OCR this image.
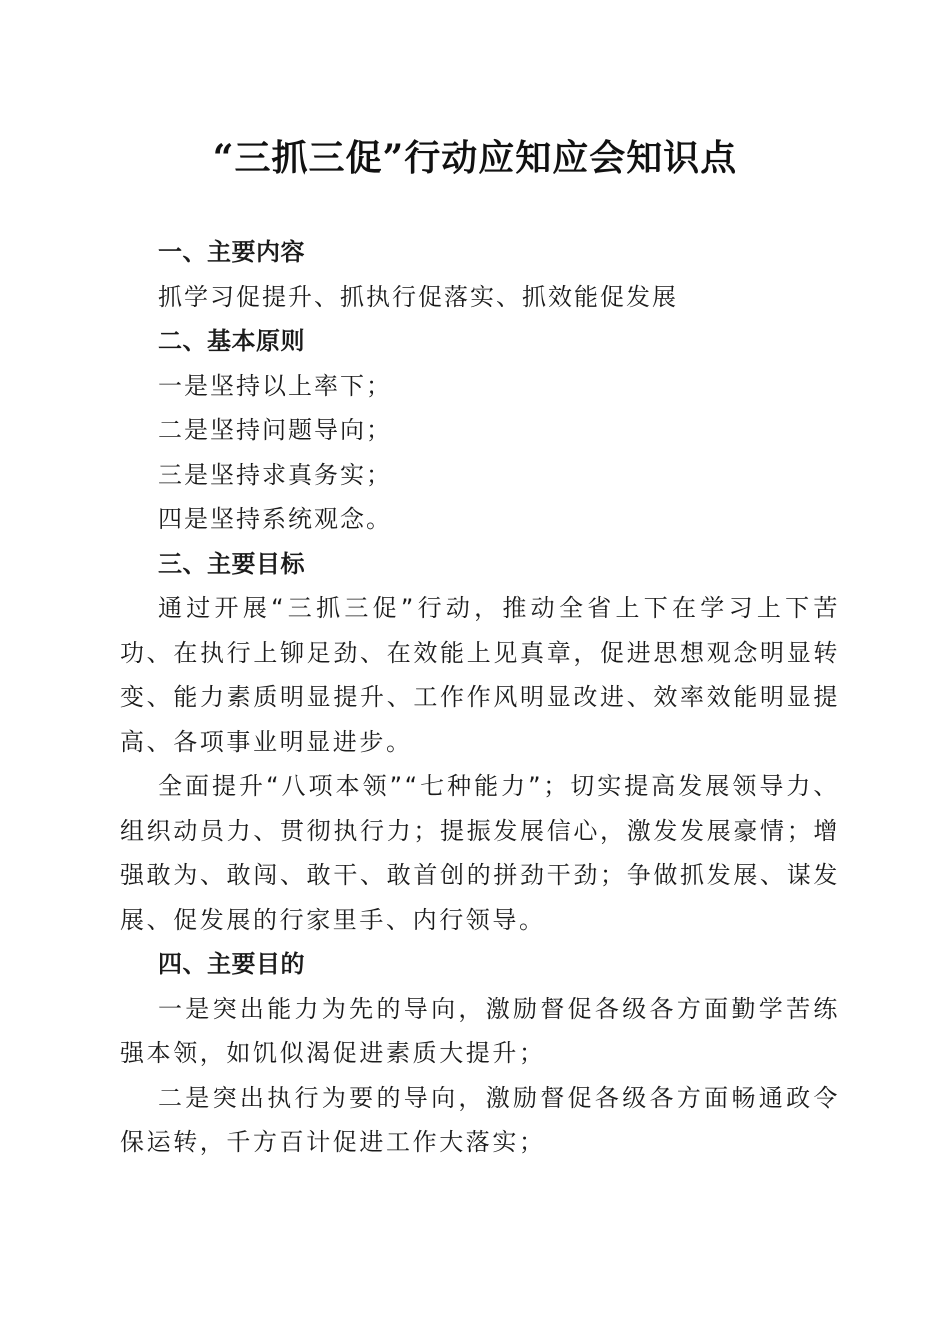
“三抓三促”行动应知应会知识点

一、主要内容

抓学习促提升、抓执行促落实、抓效能促发展

二、基本原则

一是坚持以上率下；

二是坚持问题导向；

三是坚持求真务实；

四是坚持系统观念。

三、主要目标

通过开展“三抓三促”行动，推动全省上下在学习上下苦功、在执行上铆足劲、在效能上见真章，促进思想观念明显转变、能力素质明显提升、工作作风明显改进、效率效能明显提高、各项事业明显进步。

全面提升“八项本领”“七种能力”；切实提高发展领导力、组织动员力、贯彻执行力；提振发展信心，激发发展豪情；增强敢为、敢闯、敢干、敢首创的拼劲干劲；争做抓发展、谋发展、促发展的行家里手、内行领导。

四、主要目的

一是突出能力为先的导向，激励督促各级各方面勤学苦练强本领，如饥似渴促进素质大提升；

二是突出执行为要的导向，激励督促各级各方面畅通政令保运转，千方百计促进工作大落实；
